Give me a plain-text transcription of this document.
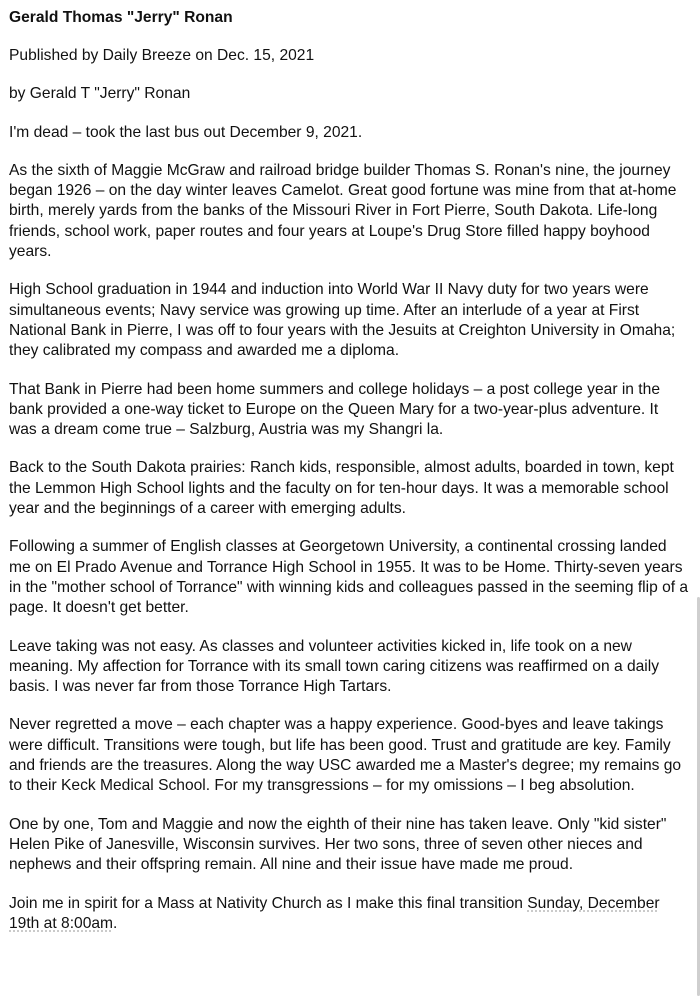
Gerald Thomas "Jerry" Ronan
Published by Daily Breeze on Dec. 15, 2021
by Gerald T "Jerry" Ronan
I'm dead – took the last bus out December 9, 2021.
As the sixth of Maggie McGraw and railroad bridge builder Thomas S. Ronan's nine, the journey began 1926 – on the day winter leaves Camelot. Great good fortune was mine from that at-home birth, merely yards from the banks of the Missouri River in Fort Pierre, South Dakota. Life-long friends, school work, paper routes and four years at Loupe's Drug Store filled happy boyhood years.
High School graduation in 1944 and induction into World War II Navy duty for two years were simultaneous events; Navy service was growing up time. After an interlude of a year at First National Bank in Pierre, I was off to four years with the Jesuits at Creighton University in Omaha; they calibrated my compass and awarded me a diploma.
That Bank in Pierre had been home summers and college holidays – a post college year in the bank provided a one-way ticket to Europe on the Queen Mary for a two-year-plus adventure. It was a dream come true – Salzburg, Austria was my Shangri la.
Back to the South Dakota prairies: Ranch kids, responsible, almost adults, boarded in town, kept the Lemmon High School lights and the faculty on for ten-hour days. It was a memorable school year and the beginnings of a career with emerging adults.
Following a summer of English classes at Georgetown University, a continental crossing landed me on El Prado Avenue and Torrance High School in 1955. It was to be Home. Thirty-seven years in the "mother school of Torrance" with winning kids and colleagues passed in the seeming flip of a page. It doesn't get better.
Leave taking was not easy. As classes and volunteer activities kicked in, life took on a new meaning. My affection for Torrance with its small town caring citizens was reaffirmed on a daily basis. I was never far from those Torrance High Tartars.
Never regretted a move – each chapter was a happy experience. Good-byes and leave takings were difficult. Transitions were tough, but life has been good. Trust and gratitude are key. Family and friends are the treasures. Along the way USC awarded me a Master's degree; my remains go to their Keck Medical School. For my transgressions – for my omissions – I beg absolution.
One by one, Tom and Maggie and now the eighth of their nine has taken leave. Only "kid sister" Helen Pike of Janesville, Wisconsin survives. Her two sons, three of seven other nieces and nephews and their offspring remain. All nine and their issue have made me proud.
Join me in spirit for a Mass at Nativity Church as I make this final transition Sunday, December 19th at 8:00am.
